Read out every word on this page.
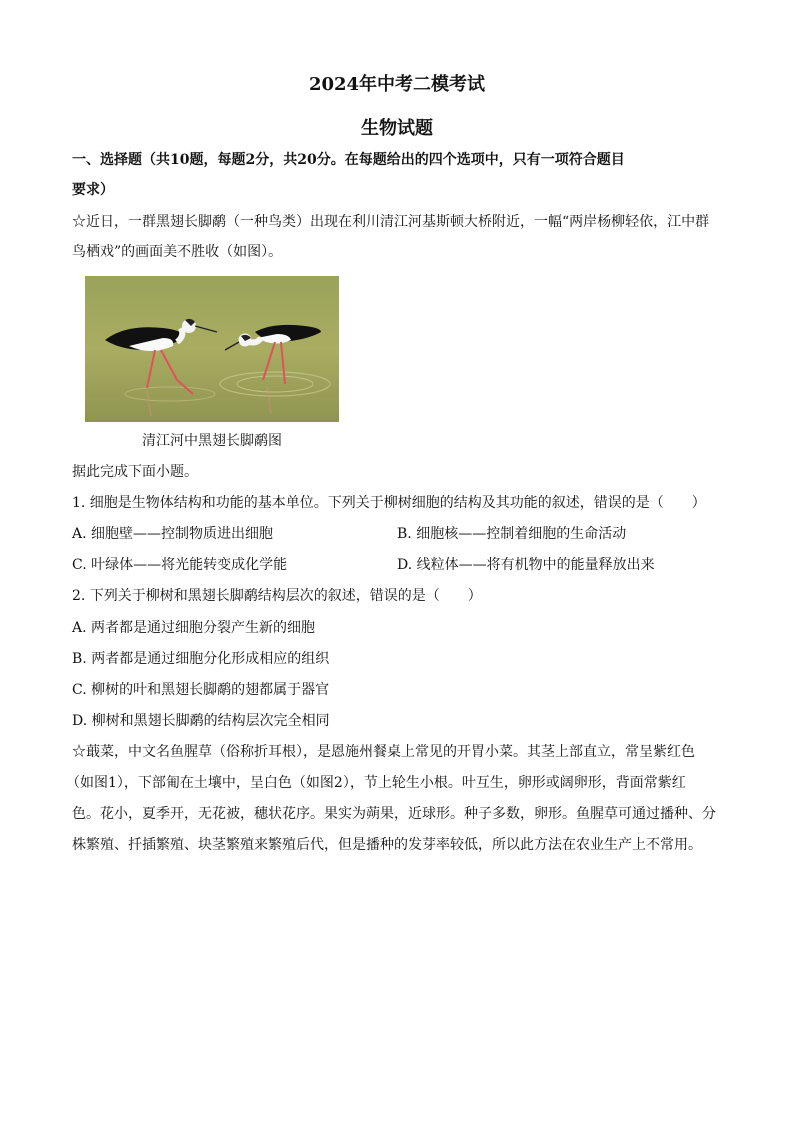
2024年中考二模考试
生物试题
一、选择题（共10题，每题2分，共20分。在每题给出的四个选项中，只有一项符合题目
要求）
☆近日，一群黑翅长脚鹬（一种鸟类）出现在利川清江河基斯顿大桥附近，一幅“两岸杨柳轻依，江中群
鸟栖戏”的画面美不胜收（如图）。
清江河中黑翅长脚鹬图
据此完成下面小题。
1. 细胞是生物体结构和功能的基本单位。下列关于柳树细胞的结构及其功能的叙述，错误的是（　　）
A. 细胞壁——控制物质进出细胞	B. 细胞核——控制着细胞的生命活动
C. 叶绿体——将光能转变成化学能	D. 线粒体——将有机物中的能量释放出来
2. 下列关于柳树和黑翅长脚鹬结构层次的叙述，错误的是（　　）
A. 两者都是通过细胞分裂产生新的细胞
B. 两者都是通过细胞分化形成相应的组织
C. 柳树的叶和黑翅长脚鹬的翅都属于器官
D. 柳树和黑翅长脚鹬的结构层次完全相同
☆蕺菜，中文名鱼腥草（俗称折耳根），是恩施州餐桌上常见的开胃小菜。其茎上部直立，常呈紫红色
（如图1），下部匍在土壤中，呈白色（如图2），节上轮生小根。叶互生，卵形或阔卵形，背面常紫红
色。花小，夏季开，无花被，穗状花序。果实为蒴果，近球形。种子多数，卵形。鱼腥草可通过播种、分
株繁殖、扦插繁殖、块茎繁殖来繁殖后代，但是播种的发芽率较低，所以此方法在农业生产上不常用。
